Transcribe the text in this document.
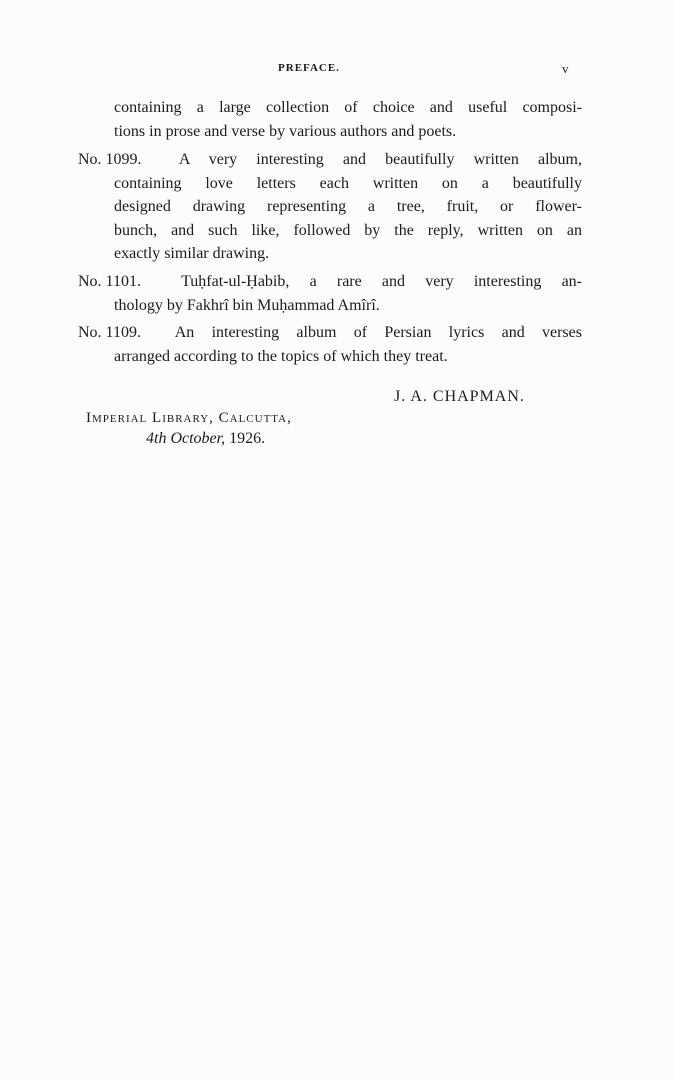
PREFACE.	v
containing a large collection of choice and useful composi-
tions in prose and verse by various authors and poets.
No. 1099. A very interesting and beautifully written album,
containing love letters each written on a beautifully
designed drawing representing a tree, fruit, or flower-
bunch, and such like, followed by the reply, written on an
exactly similar drawing.
No. 1101.	Tuḥfat-ul-Ḥabib, a rare and very interesting an-
thology by Fakhrî bin Muḥammad Amîrî.
No. 1109. An interesting album of Persian lyrics and verses
arranged according to the topics of which they treat.
J. A. CHAPMAN.
Imperial Library, Calcutta,
4th October, 1926.
